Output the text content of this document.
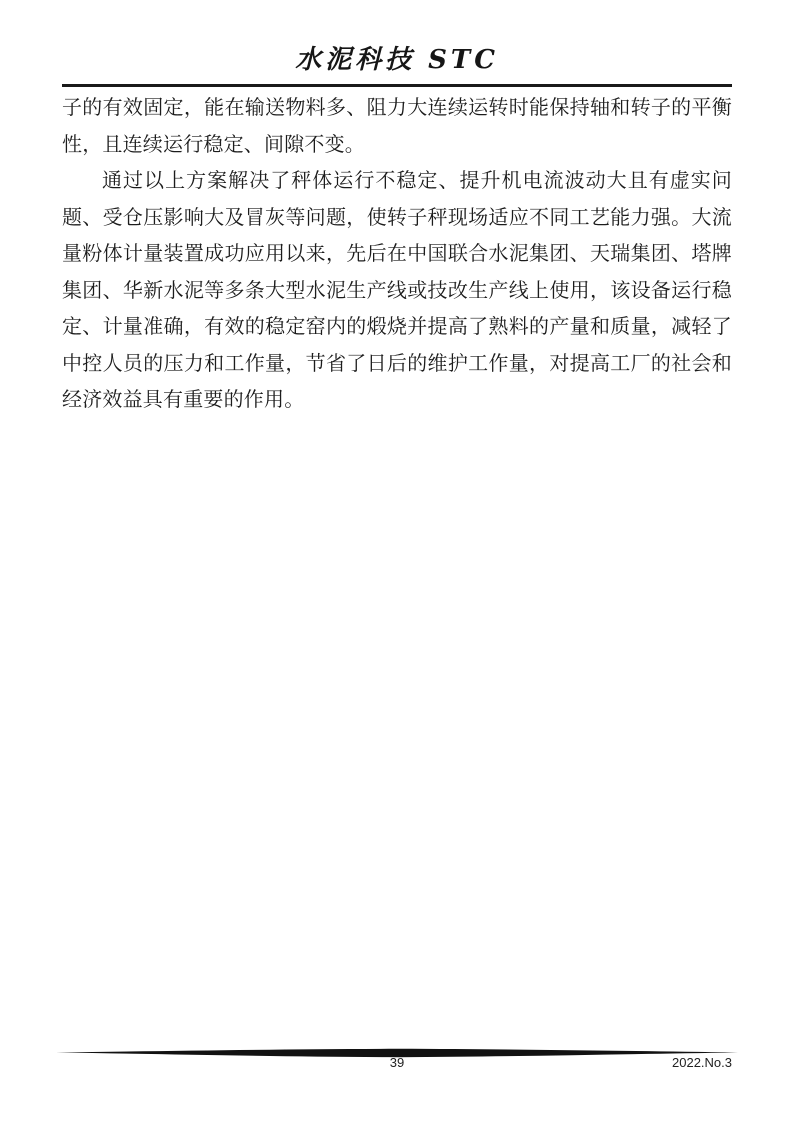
水泥科技 STC

子的有效固定，能在输送物料多、阻力大连续运转时能保持轴和转子的平衡性，且连续运行稳定、间隙不变。

通过以上方案解决了秤体运行不稳定、提升机电流波动大且有虚实问题、受仓压影响大及冒灰等问题，使转子秤现场适应不同工艺能力强。大流量粉体计量装置成功应用以来，先后在中国联合水泥集团、天瑞集团、塔牌集团、华新水泥等多条大型水泥生产线或技改生产线上使用，该设备运行稳定、计量准确，有效的稳定窑内的煅烧并提高了熟料的产量和质量，减轻了中控人员的压力和工作量，节省了日后的维护工作量，对提高工厂的社会和经济效益具有重要的作用。

39	2022.No.3
